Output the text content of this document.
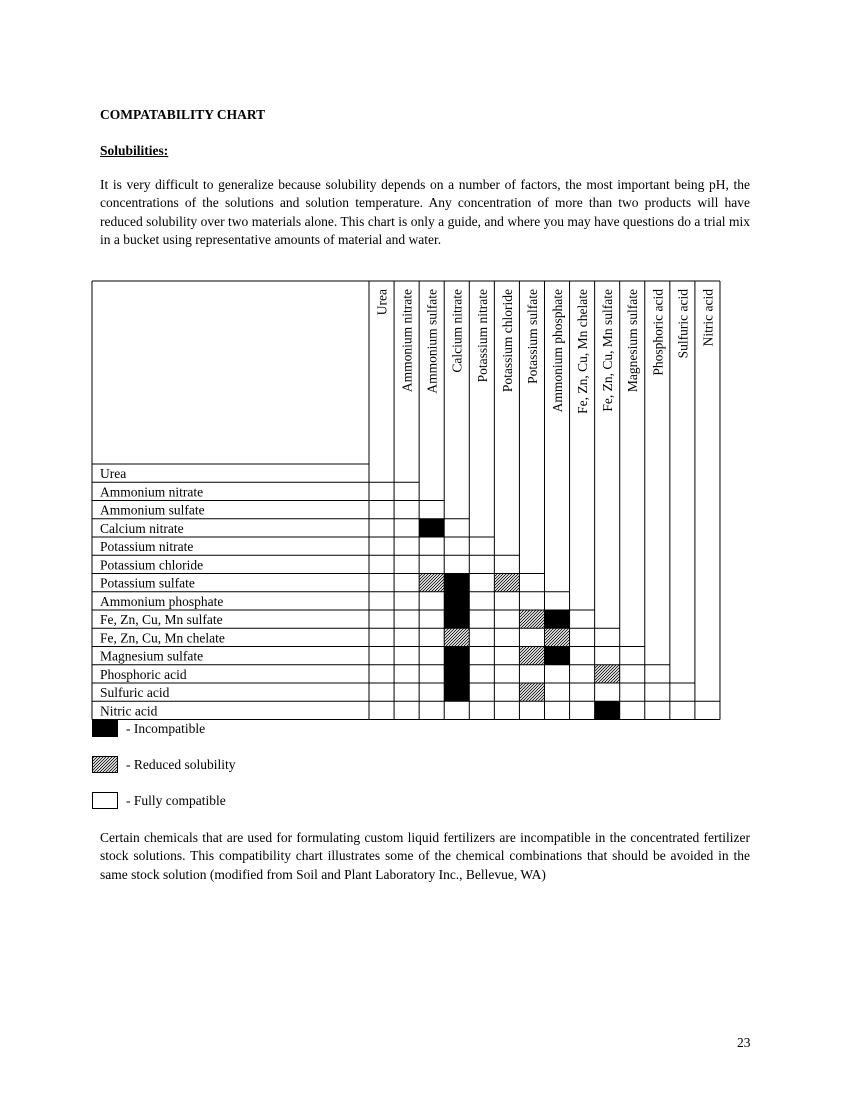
COMPATABILITY CHART
Solubilities:

It is very difficult to generalize because solubility depends on a number of factors, the most important being pH, the concentrations of the solutions and solution temperature. Any concentration of more than two products will have reduced solubility over two materials alone. This chart is only a guide, and where you may have questions do a trial mix in a bucket using representative amounts of material and water.

Urea
Ammonium nitrate
Ammonium sulfate
Calcium nitrate
Potassium nitrate
Potassium chloride
Potassium sulfate
Ammonium phosphate
Fe, Zn, Cu, Mn sulfate
Fe, Zn, Cu, Mn chelate
Magnesium sulfate
Phosphoric acid
Sulfuric acid
Nitric acid
Urea Ammonium nitrate Ammonium sulfate Calcium nitrate Potassium nitrate Potassium chloride Potassium sulfate Ammonium phosphate Fe, Zn, Cu, Mn chelate Fe, Zn, Cu, Mn sulfate Magnesium sulfate Phosphoric acid Sulfuric acid Nitric acid
- Incompatible
- Reduced solubility
- Fully compatible

Certain chemicals that are used for formulating custom liquid fertilizers are incompatible in the concentrated fertilizer stock solutions. This compatibility chart illustrates some of the chemical combinations that should be avoided in the same stock solution (modified from Soil and Plant Laboratory Inc., Bellevue, WA)

23
